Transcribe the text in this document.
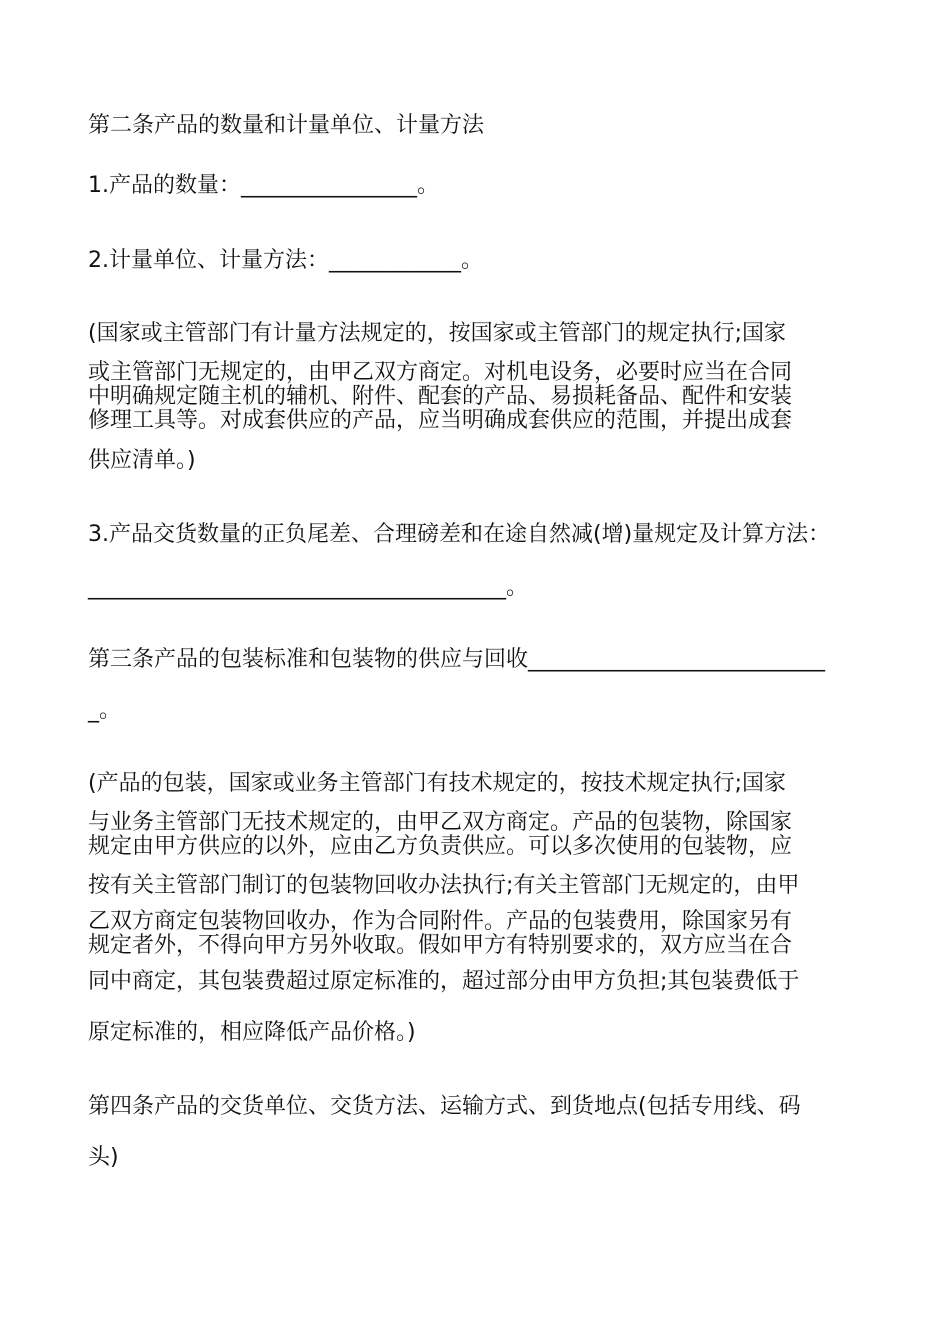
第二条产品的数量和计量单位、计量方法
1.产品的数量：________________。
2.计量单位、计量方法：____________。
(国家或主管部门有计量方法规定的，按国家或主管部门的规定执行;国家
或主管部门无规定的，由甲乙双方商定。对机电设务，必要时应当在合同
中明确规定随主机的辅机、附件、配套的产品、易损耗备品、配件和安装
修理工具等。对成套供应的产品，应当明确成套供应的范围，并提出成套
供应清单。)
3.产品交货数量的正负尾差、合理磅差和在途自然减(增)量规定及计算方法：
______________________________________。
第三条产品的包装标准和包装物的供应与回收___________________________
_。
(产品的包装，国家或业务主管部门有技术规定的，按技术规定执行;国家
与业务主管部门无技术规定的，由甲乙双方商定。产品的包装物，除国家
规定由甲方供应的以外，应由乙方负责供应。可以多次使用的包装物，应
按有关主管部门制订的包装物回收办法执行;有关主管部门无规定的，由甲
乙双方商定包装物回收办，作为合同附件。产品的包装费用，除国家另有
规定者外，不得向甲方另外收取。假如甲方有特别要求的，双方应当在合
同中商定，其包装费超过原定标准的，超过部分由甲方负担;其包装费低于
原定标准的，相应降低产品价格。)
第四条产品的交货单位、交货方法、运输方式、到货地点(包括专用线、码
头)
